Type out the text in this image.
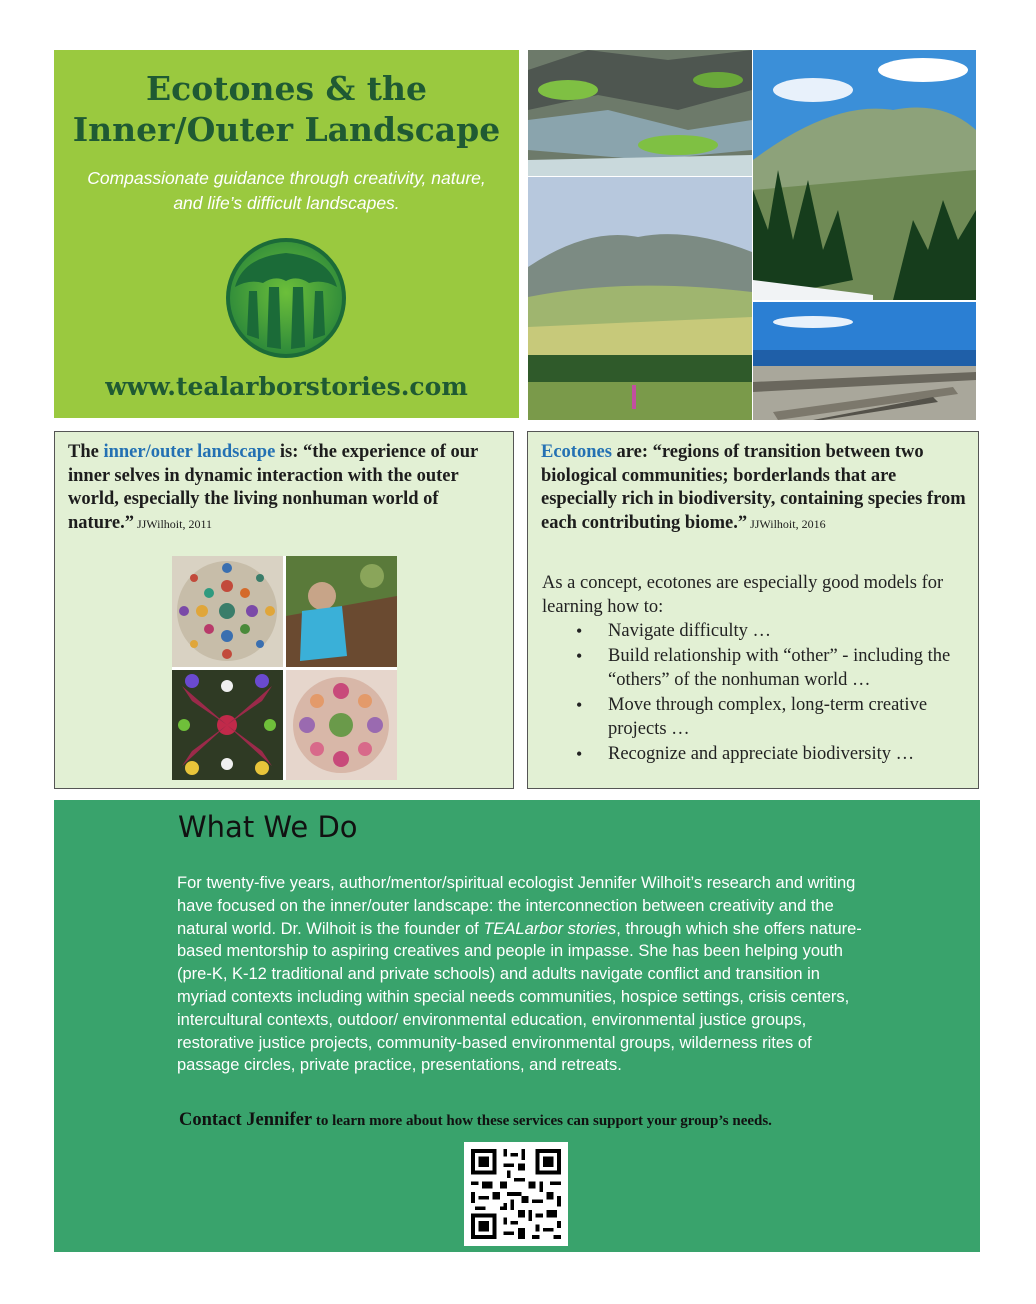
Ecotones & the
Inner/Outer Landscape
Compassionate guidance through creativity, nature,
and life’s difficult landscapes.
www.tealarborstories.com
The inner/outer landscape is: “the experience of our inner selves in dynamic interaction with the outer world, especially the living nonhuman world of nature.” JJWilhoit, 2011
Ecotones are: “regions of transition between two biological communities; borderlands that are especially rich in biodiversity, containing species from each contributing biome.” JJWilhoit, 2016
As a concept, ecotones are especially good models for learning how to:
• Navigate difficulty …
• Build relationship with “other” - including the “others” of the nonhuman world …
• Move through complex, long-term creative projects …
• Recognize and appreciate biodiversity …
What We Do

For twenty-five years, author/mentor/spiritual ecologist Jennifer Wilhoit’s research and writing have focused on the inner/outer landscape: the interconnection between creativity and the natural world. Dr. Wilhoit is the founder of TEALarbor stories, through which she offers nature-based mentorship to aspiring creatives and people in impasse. She has been helping youth (pre-K, K-12 traditional and private schools) and adults navigate conflict and transition in myriad contexts including within special needs communities, hospice settings, crisis centers, intercultural contexts, outdoor/ environmental education, environmental justice groups, restorative justice projects, community-based environmental groups, wilderness rites of passage circles, private practice, presentations, and retreats.

Contact Jennifer to learn more about how these services can support your group’s needs.
